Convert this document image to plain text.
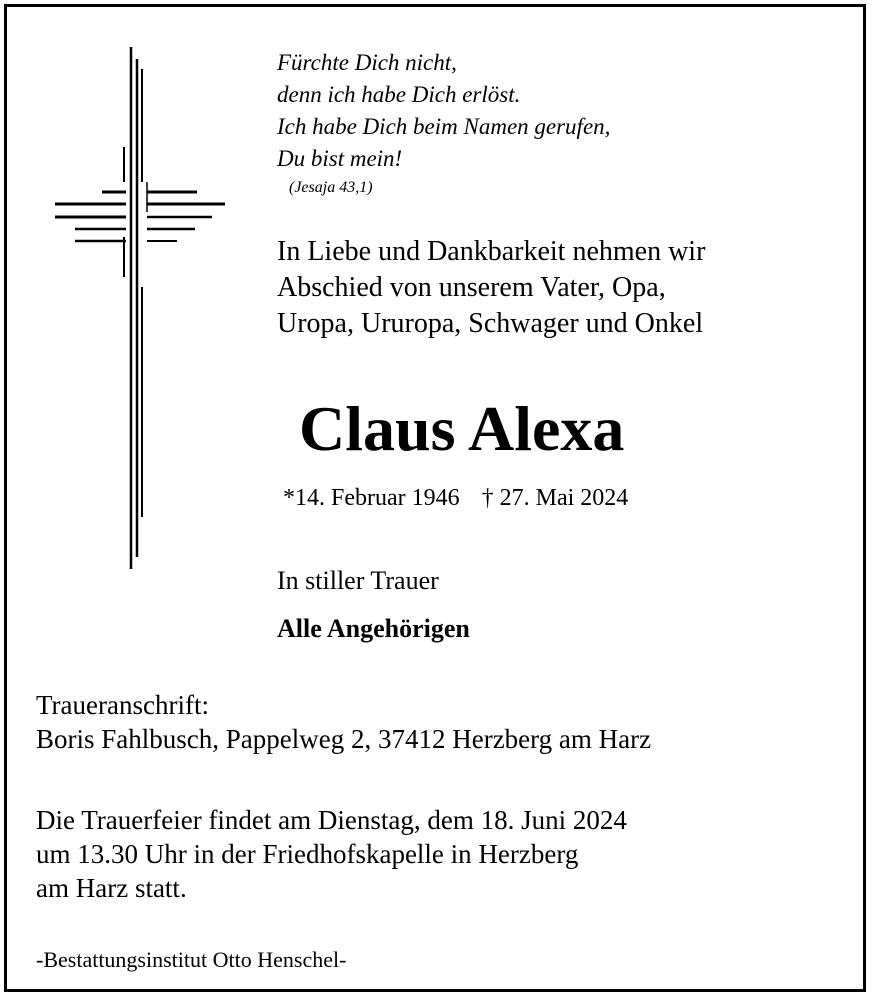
Fürchte Dich nicht,
denn ich habe Dich erlöst.
Ich habe Dich beim Namen gerufen,
Du bist mein!
(Jesaja 43,1)
In Liebe und Dankbarkeit nehmen wir
Abschied von unserem Vater, Opa,
Uropa, Ururopa, Schwager und Onkel
Claus Alexa
*14. Februar 1946 † 27. Mai 2024
In stiller Trauer
Alle Angehörigen
Traueranschrift:
Boris Fahlbusch, Pappelweg 2, 37412 Herzberg am Harz
Die Trauerfeier findet am Dienstag, dem 18. Juni 2024
um 13.30 Uhr in der Friedhofskapelle in Herzberg
am Harz statt.
-Bestattungsinstitut Otto Henschel-
